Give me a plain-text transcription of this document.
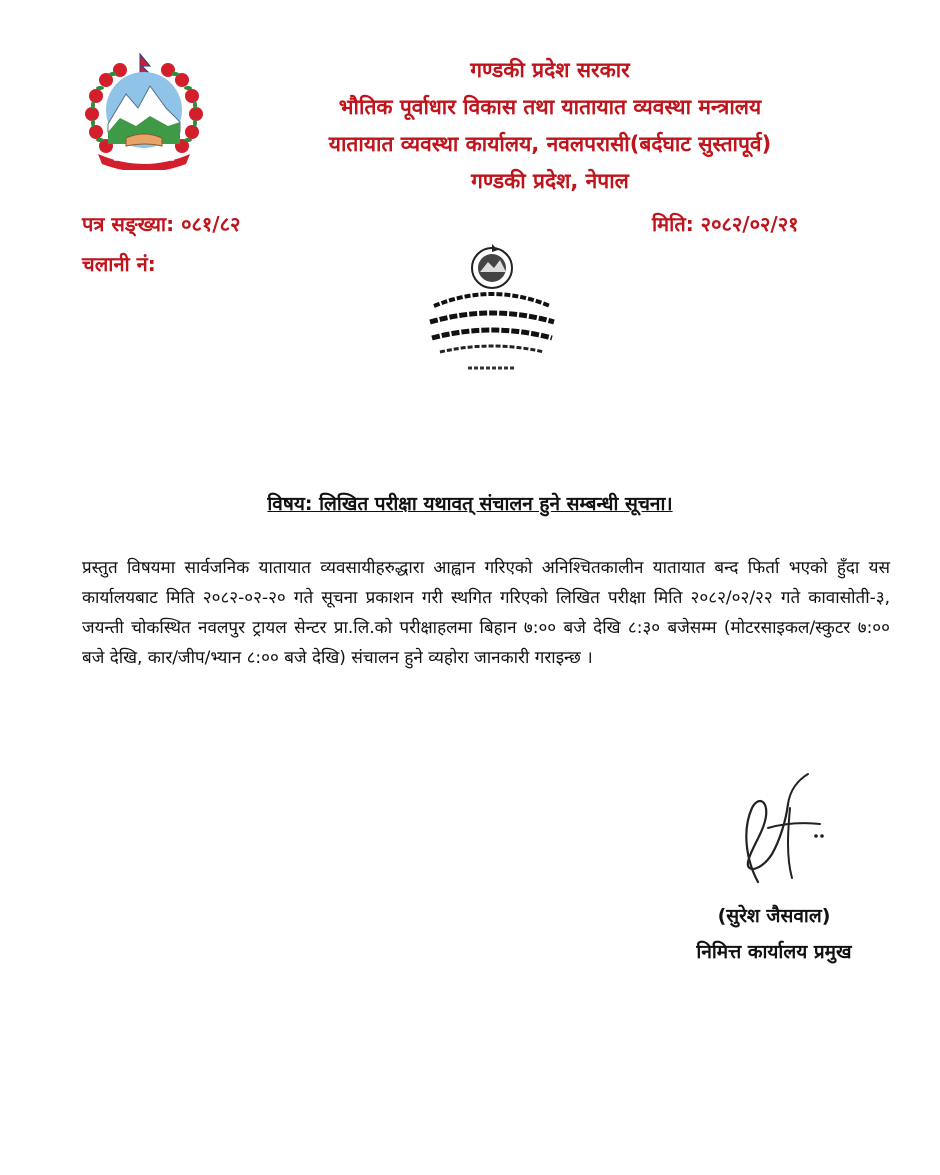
गण्डकी प्रदेश सरकार
भौतिक पूर्वाधार विकास तथा यातायात व्यवस्था मन्त्रालय
यातायात व्यवस्था कार्यालय, नवलपरासी(बर्दघाट सुस्तापूर्व)
गण्डकी प्रदेश, नेपाल
पत्र सङ्ख्या: ०८१/८२	मिति: २०८२/०२/२१
चलानी नं:
विषय: लिखित परीक्षा यथावत् संचालन हुने सम्बन्धी सूचना।
प्रस्तुत विषयमा सार्वजनिक यातायात व्यवसायीहरुद्धारा आह्वान गरिएको अनिश्चितकालीन यातायात बन्द फिर्ता भएको हुँदा यस कार्यालयबाट मिति २०८२-०२-२० गते सूचना प्रकाशन गरी स्थगित गरिएको लिखित परीक्षा मिति २०८२/०२/२२ गते कावासोती-३, जयन्ती चोकस्थित नवलपुर ट्रायल सेन्टर प्रा.लि.को परीक्षाहलमा बिहान ७:०० बजे देखि ८:३० बजेसम्म (मोटरसाइकल/स्कुटर ७:०० बजे देखि, कार/जीप/भ्यान ८:०० बजे देखि) संचालन हुने व्यहोरा जानकारी गराइन्छ ।
(सुरेश जैसवाल)
निमित्त कार्यालय प्रमुख
